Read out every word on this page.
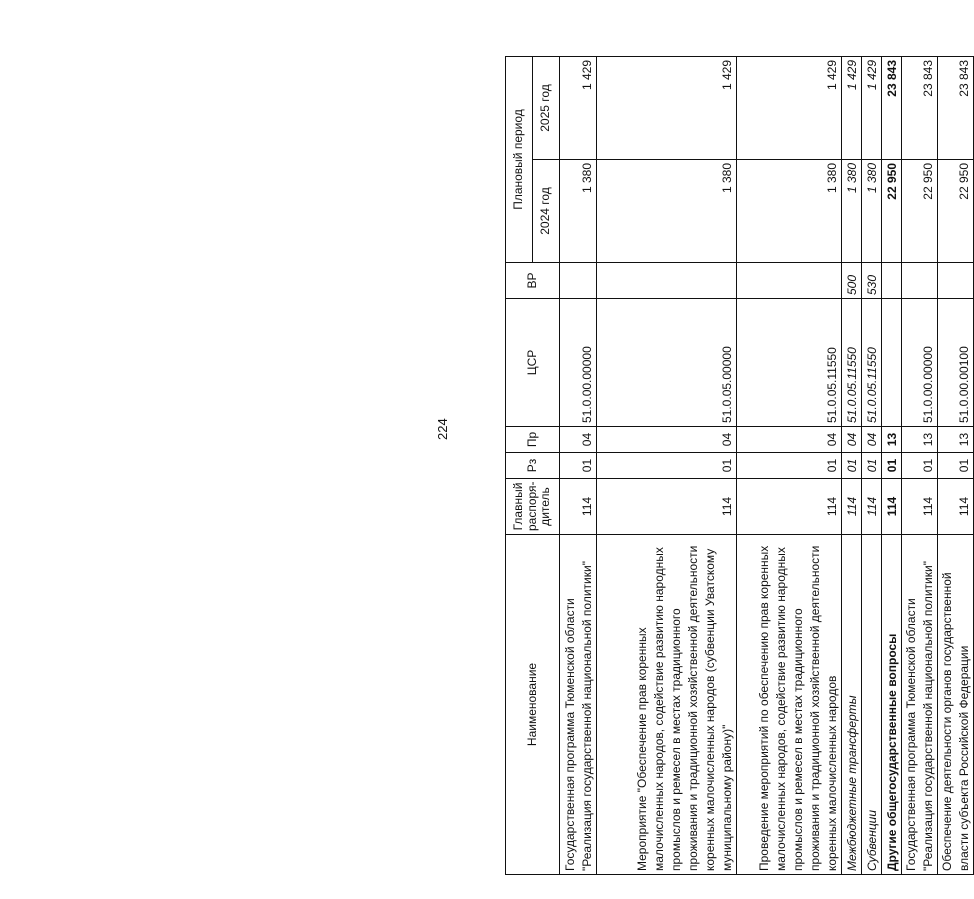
224
Наименование	Главный распоря-дитель	Рз	Пр	ЦСР	ВР	Плановый период	
						2024 год	2025 год
Государственная программа Тюменской области "Реализация государственной национальной политики"	114	01	04	51.0.00.00000		1 380	1 429
Мероприятие "Обеспечение прав коренных малочисленных народов, содействие развитию народных промыслов и ремесел в местах традиционного проживания и традиционной хозяйственной деятельности коренных малочисленных народов (субвенции Уватскому муниципальному району)"	114	01	04	51.0.05.00000		1 380	1 429
Проведение мероприятий по обеспечению прав коренных малочисленных народов, содействие развитию народных промыслов и ремесел в местах традиционного проживания и традиционной хозяйственной деятельности коренных малочисленных народов	114	01	04	51.0.05.11550		1 380	1 429
Межбюджетные трансферты	114	01	04	51.0.05.11550	500	1 380	1 429
Субвенции	114	01	04	51.0.05.11550	530	1 380	1 429
Другие общегосударственные вопросы	114	01	13			22 950	23 843
Государственная программа Тюменской области "Реализация государственной национальной политики"	114	01	13	51.0.00.00000		22 950	23 843
Обеспечение деятельности органов государственной власти субъекта Российской Федерации	114	01	13	51.0.00.00100		22 950	23 843
